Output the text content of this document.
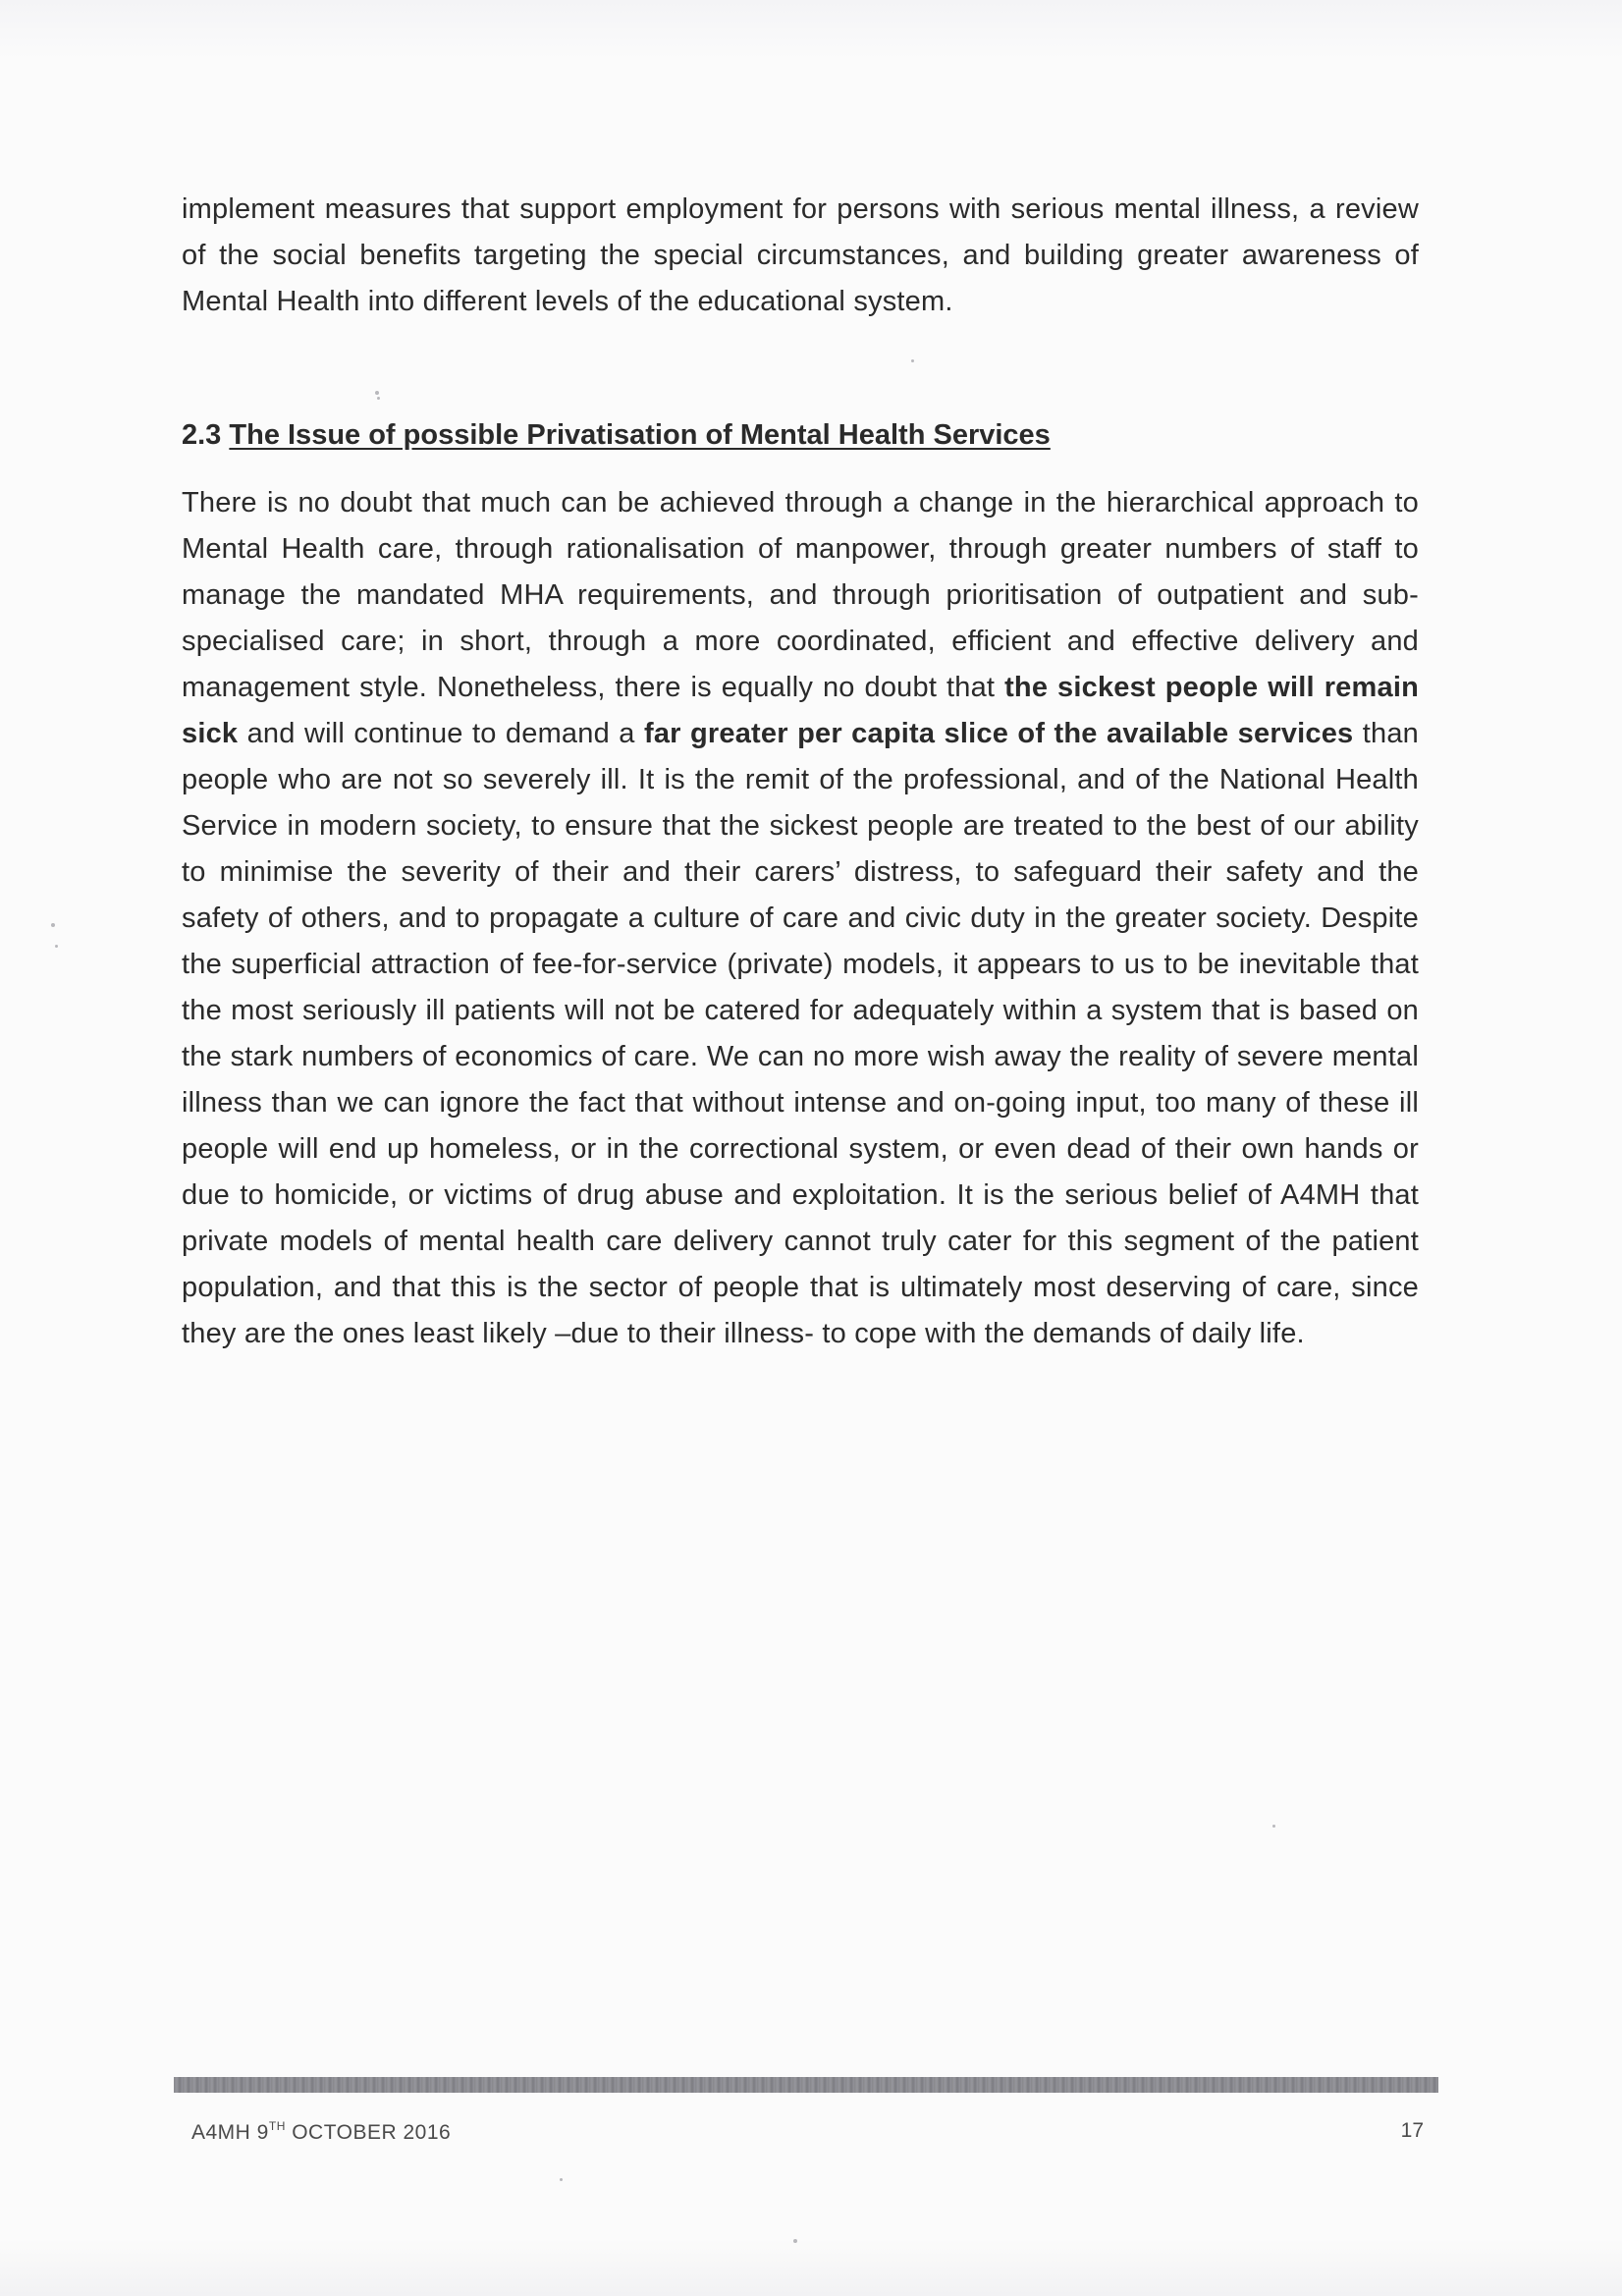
implement measures that support employment for persons with serious mental illness, a review of the social benefits targeting the special circumstances, and building greater awareness of Mental Health into different levels of the educational system.

2.3 The Issue of possible Privatisation of Mental Health Services

There is no doubt that much can be achieved through a change in the hierarchical approach to Mental Health care, through rationalisation of manpower, through greater numbers of staff to manage the mandated MHA requirements, and through prioritisation of outpatient and sub-specialised care; in short, through a more coordinated, efficient and effective delivery and management style. Nonetheless, there is equally no doubt that the sickest people will remain sick and will continue to demand a far greater per capita slice of the available services than people who are not so severely ill. It is the remit of the professional, and of the National Health Service in modern society, to ensure that the sickest people are treated to the best of our ability to minimise the severity of their and their carers’ distress, to safeguard their safety and the safety of others, and to propagate a culture of care and civic duty in the greater society. Despite the superficial attraction of fee-for-service (private) models, it appears to us to be inevitable that the most seriously ill patients will not be catered for adequately within a system that is based on the stark numbers of economics of care. We can no more wish away the reality of severe mental illness than we can ignore the fact that without intense and on-going input, too many of these ill people will end up homeless, or in the correctional system, or even dead of their own hands or due to homicide, or victims of drug abuse and exploitation. It is the serious belief of A4MH that private models of mental health care delivery cannot truly cater for this segment of the patient population, and that this is the sector of people that is ultimately most deserving of care, since they are the ones least likely –due to their illness- to cope with the demands of daily life.

A4MH 9TH OCTOBER 2016	17
